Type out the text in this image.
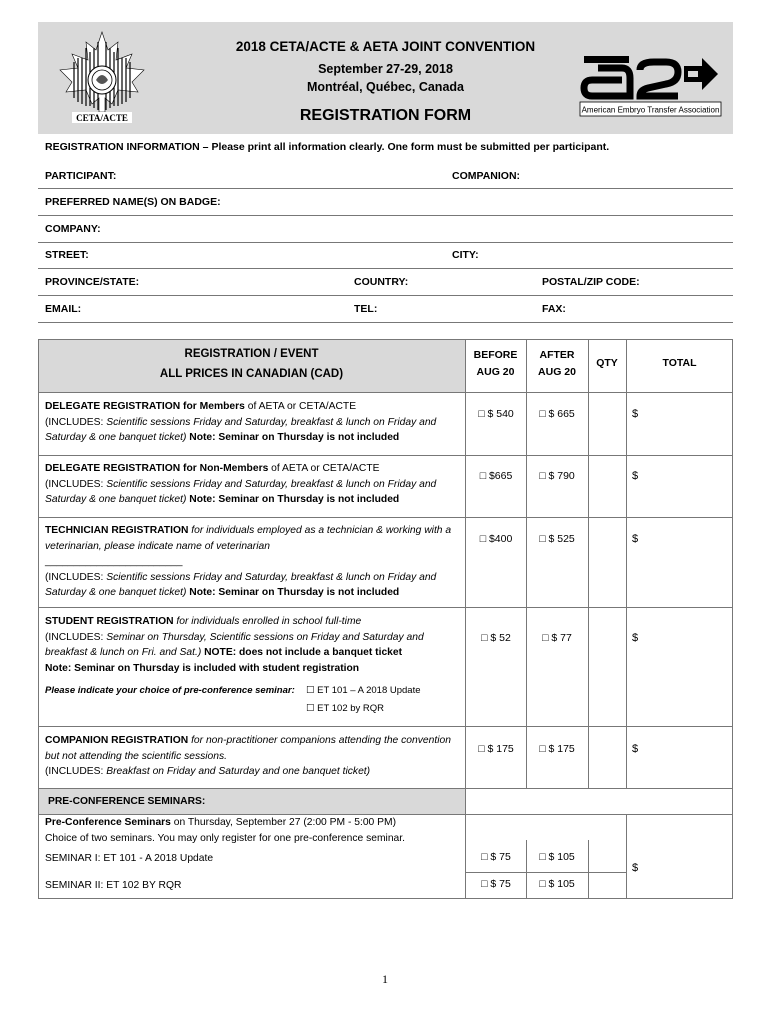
CETA/ACTE
2018 CETA/ACTE & AETA JOINT CONVENTION
September 27-29, 2018
Montréal, Québec, Canada
REGISTRATION FORM	American Embryo Transfer Association
REGISTRATION INFORMATION – Please print all information clearly. One form must be submitted per participant.
PARTICIPANT:	COMPANION:
PREFERRED NAME(S) ON BADGE:
COMPANY:
STREET:	CITY:
PROVINCE/STATE:	COUNTRY:	POSTAL/ZIP CODE:
EMAIL:	TEL:	FAX:
REGISTRATION / EVENT
ALL PRICES IN CANADIAN (CAD)
BEFORE
AUG 20
AFTER
AUG 20
QTY	TOTAL
DELEGATE REGISTRATION for Members of AETA or CETA/ACTE
(INCLUDES: Scientific sessions Friday and Saturday, breakfast & lunch on Friday and Saturday & one banquet ticket) Note: Seminar on Thursday is not included
□ $ 540	□ $ 665	$
DELEGATE REGISTRATION for Non-Members of AETA or CETA/ACTE
(INCLUDES: Scientific sessions Friday and Saturday, breakfast & lunch on Friday and Saturday & one banquet ticket) Note: Seminar on Thursday is not included
□ $665	□ $ 790	$
TECHNICIAN REGISTRATION for individuals employed as a technician & working with a veterinarian, please indicate name of veterinarian
________________________
(INCLUDES: Scientific sessions Friday and Saturday, breakfast & lunch on Friday and Saturday & one banquet ticket) Note: Seminar on Thursday is not included
□ $400	□ $ 525	$
STUDENT REGISTRATION for individuals enrolled in school full-time
(INCLUDES: Seminar on Thursday, Scientific sessions on Friday and Saturday and breakfast & lunch on Fri. and Sat.) NOTE: does not include a banquet ticket
Note: Seminar on Thursday is included with student registration
Please indicate your choice of pre-conference seminar: ☐ ET 101 – A 2018 Update
☐ ET 102 by RQR
□ $ 52	□ $ 77	$
COMPANION REGISTRATION for non-practitioner companions attending the convention but not attending the scientific sessions.
(INCLUDES: Breakfast on Friday and Saturday and one banquet ticket)
□ $ 175	□ $ 175	$
PRE-CONFERENCE SEMINARS:
Pre-Conference Seminars on Thursday, September 27 (2:00 PM - 5:00 PM)
Choice of two seminars. You may only register for one pre-conference seminar.
SEMINAR I: ET 101 - A 2018 Update	□ $ 75	□ $ 105
SEMINAR II: ET 102 BY RQR	□ $ 75	□ $ 105
$
1
